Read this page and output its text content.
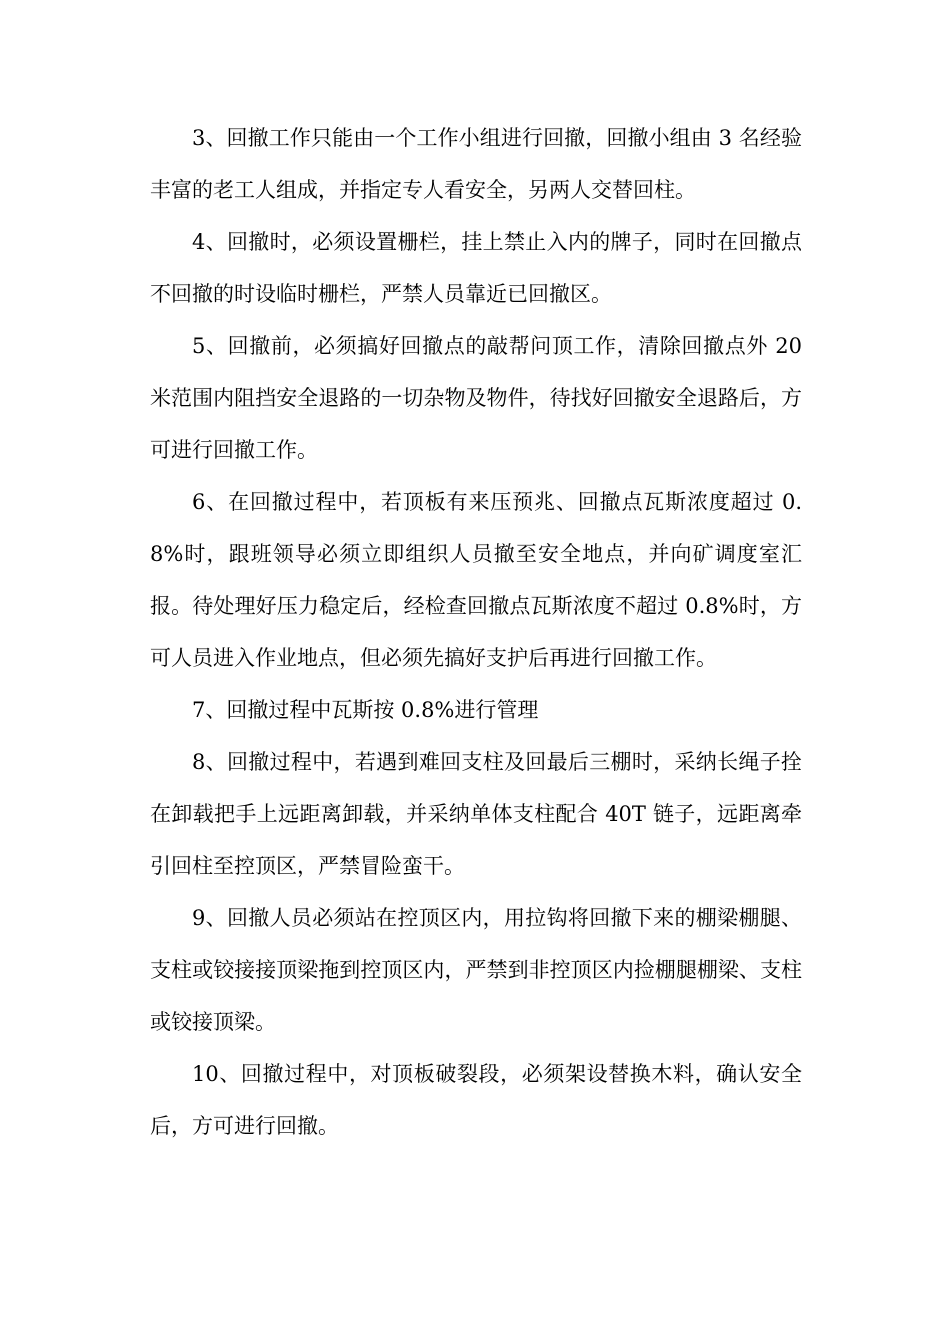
3、回撤工作只能由一个工作小组进行回撤，回撤小组由 3 名经验丰富的老工人组成，并指定专人看安全，另两人交替回柱。

4、回撤时，必须设置栅栏，挂上禁止入内的牌子，同时在回撤点不回撤的时设临时栅栏，严禁人员靠近已回撤区。

5、回撤前，必须搞好回撤点的敲帮问顶工作，清除回撤点外 20 米范围内阻挡安全退路的一切杂物及物件，待找好回撤安全退路后，方可进行回撤工作。

6、在回撤过程中，若顶板有来压预兆、回撤点瓦斯浓度超过 0.8%时，跟班领导必须立即组织人员撤至安全地点，并向矿调度室汇报。待处理好压力稳定后，经检查回撤点瓦斯浓度不超过 0.8%时，方可人员进入作业地点，但必须先搞好支护后再进行回撤工作。

7、回撤过程中瓦斯按 0.8%进行管理

8、回撤过程中，若遇到难回支柱及回最后三棚时，采纳长绳子拴在卸载把手上远距离卸载，并采纳单体支柱配合 40T 链子，远距离牵引回柱至控顶区，严禁冒险蛮干。

9、回撤人员必须站在控顶区内，用拉钩将回撤下来的棚梁棚腿、支柱或铰接接顶梁拖到控顶区内，严禁到非控顶区内捡棚腿棚梁、支柱或铰接顶梁。

10、回撤过程中，对顶板破裂段，必须架设替换木料，确认安全后，方可进行回撤。
